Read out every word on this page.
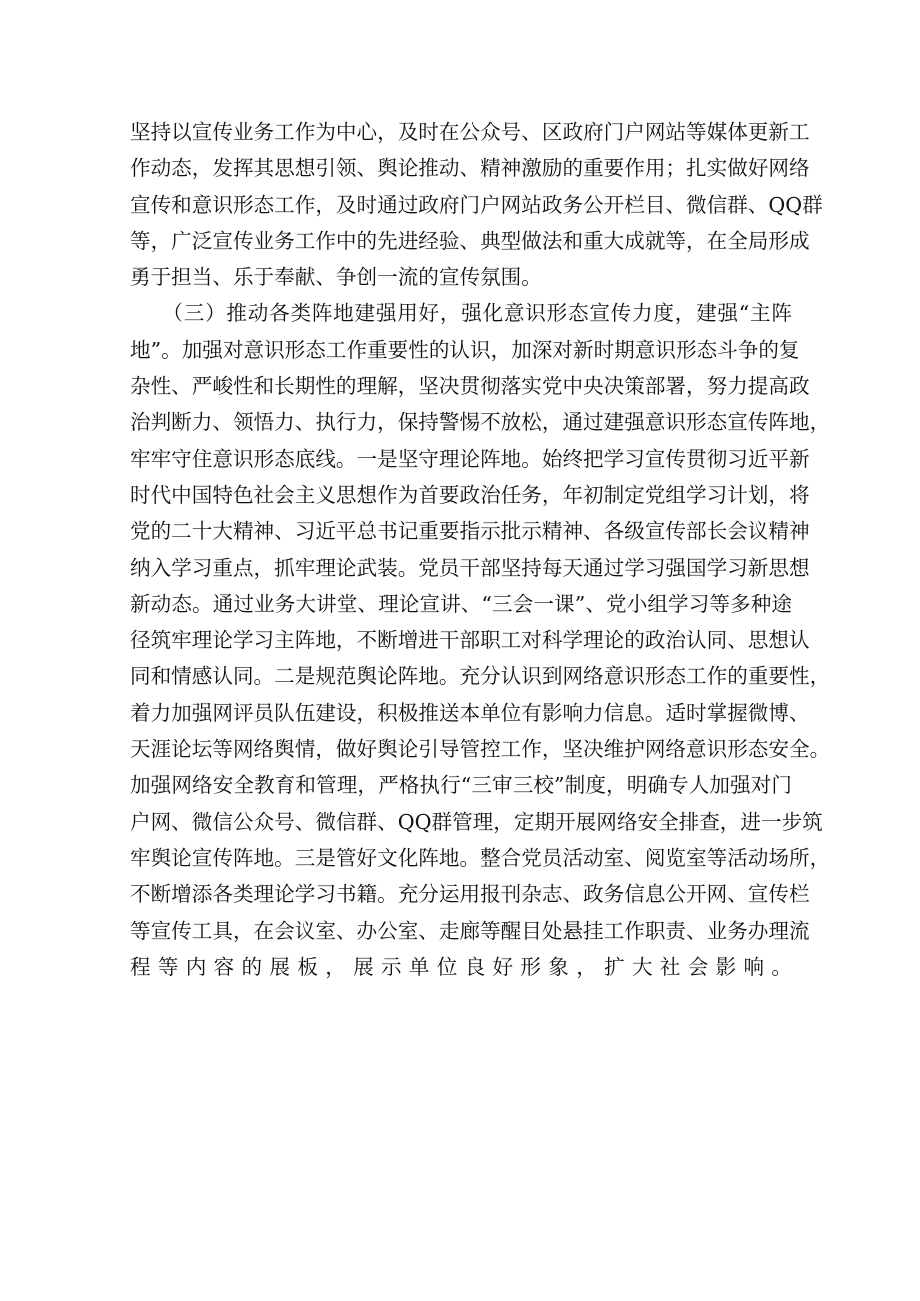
坚持以宣传业务工作为中心，及时在公众号、区政府门户网站等媒体更新工
作动态，发挥其思想引领、舆论推动、精神激励的重要作用；扎实做好网络
宣传和意识形态工作，及时通过政府门户网站政务公开栏目、微信群、QQ群
等，广泛宣传业务工作中的先进经验、典型做法和重大成就等，在全局形成
勇于担当、乐于奉献、争创一流的宣传氛围。
　　（三）推动各类阵地建强用好，强化意识形态宣传力度，建强“主阵
地”。加强对意识形态工作重要性的认识，加深对新时期意识形态斗争的复
杂性、严峻性和长期性的理解，坚决贯彻落实党中央决策部署，努力提高政
治判断力、领悟力、执行力，保持警惕不放松，通过建强意识形态宣传阵地，
牢牢守住意识形态底线。一是坚守理论阵地。始终把学习宣传贯彻习近平新
时代中国特色社会主义思想作为首要政治任务，年初制定党组学习计划，将
党的二十大精神、习近平总书记重要指示批示精神、各级宣传部长会议精神
纳入学习重点，抓牢理论武装。党员干部坚持每天通过学习强国学习新思想
新动态。通过业务大讲堂、理论宣讲、“三会一课”、党小组学习等多种途
径筑牢理论学习主阵地，不断增进干部职工对科学理论的政治认同、思想认
同和情感认同。二是规范舆论阵地。充分认识到网络意识形态工作的重要性，
着力加强网评员队伍建设，积极推送本单位有影响力信息。适时掌握微博、
天涯论坛等网络舆情，做好舆论引导管控工作，坚决维护网络意识形态安全。
加强网络安全教育和管理，严格执行“三审三校”制度，明确专人加强对门
户网、微信公众号、微信群、QQ群管理，定期开展网络安全排查，进一步筑
牢舆论宣传阵地。三是管好文化阵地。整合党员活动室、阅览室等活动场所，
不断增添各类理论学习书籍。充分运用报刊杂志、政务信息公开网、宣传栏
等宣传工具，在会议室、办公室、走廊等醒目处悬挂工作职责、业务办理流
程等内容的展板，展示单位良好形象，扩大社会影响。
